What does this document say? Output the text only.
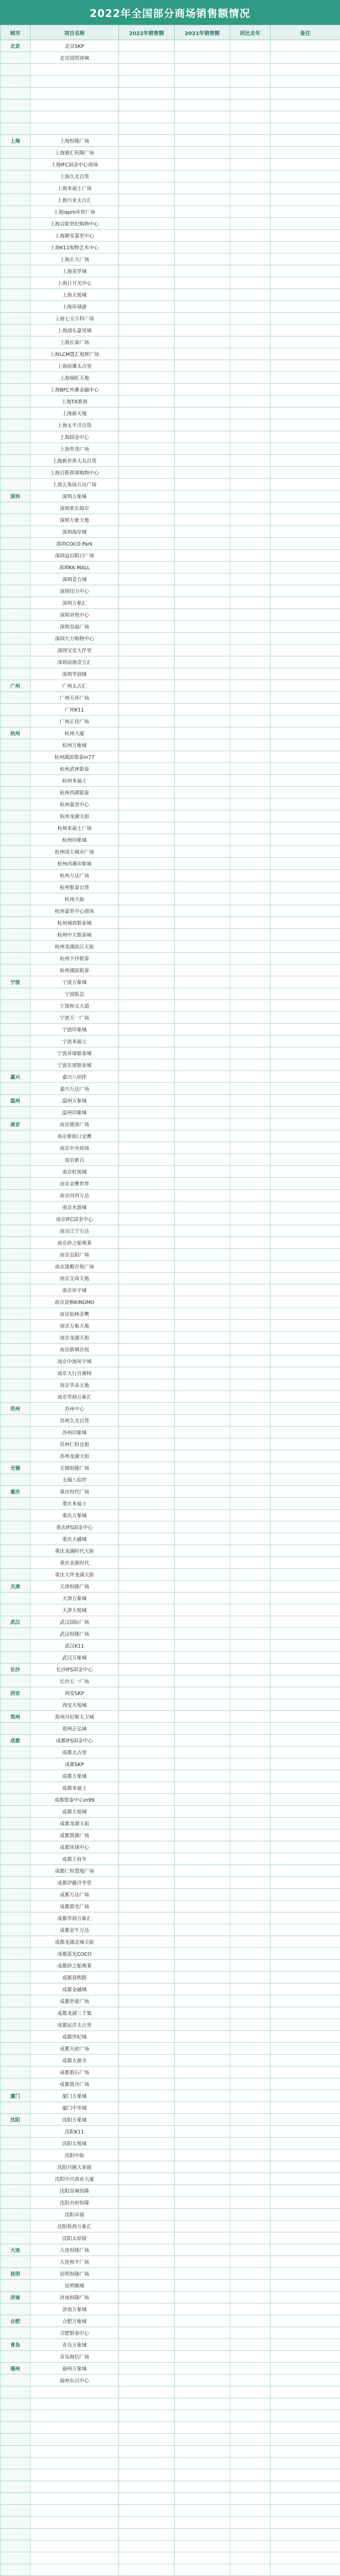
2022年全国部分商场销售额情况
城市	项目名称	2022年销售额	2021年销售额	同比去年	备注
北京	北京SKP				
	北京国贸商城				

上海	上海恒隆广场				
	上海港汇恒隆广场				
	上海IFC国金中心商场				
	上海久光百货				
	上海来福士广场				
	上海兴业太古汇				
	上海iapm环贸广场				
	上海百联世纪购物中心				
	上海静安嘉里中心				
	上海K11购物艺术中心				
	上海正大广场				
	上海美罗城				
	上海日月光中心				
	上海大悦城				
	上海环球港				
	上海七宝万科广场				
	上海浦东嘉里城				
	上海长泰广场				
	上海LCM置汇旭辉广场				
	上海前滩太古里				
	上海瑞虹天地				
	上海BFC外滩金融中心				
	上海TX淮海				
	上海新天地				
	上海太平洋百货				
	上海国金中心				
	上海世茂广场				
	上海新世界大丸百货				
	上海百联西郊购物中心				
	上海五角场万达广场				
深圳	深圳万象城				
	深圳欢乐海岸				
	深圳万象天地				
	深圳海岸城				
	深圳COCO Park				
	深圳益田假日广场				
	深圳KK MALL				
	深圳壹方城				
	深圳印力中心				
	深圳万象汇				
	深圳卓悦中心				
	深圳皇庭广场				
	深圳九方购物中心				
	深圳宝安大仟里				
	深圳前海壹方汇				
	深圳华润城				
广州	广州太古汇				
	广州天环广场				
	广州K11				
	广州正佳广场				
杭州	杭州大厦				
	杭州万象城				
	杭州湖滨银泰in77				
	杭州武林银泰				
	杭州来福士				
	杭州西湖银泰				
	杭州嘉里中心				
	杭州龙湖天街				
	杭州来福士广场				
	杭州印象城				
	杭州国大城市广场				
	杭州西溪印象城				
	杭州万达广场				
	杭州银泰百货				
	杭州天街				
	杭州嘉里中心商场				
	杭州城西银泰城				
	杭州中大银泰城				
	杭州龙湖滨江天街				
	杭州下沙银泰				
	杭州湖滨银泰				
宁波	宁波万象城				
	宁波阪急				
	宁波和义大道				
	宁波天一广场				
	宁波印象城				
	宁波来福士				
	宁波环球银泰城				
	宁波东部银泰城				
嘉兴	嘉兴八佰伴				
	嘉兴万达广场				
温州	温州万象城				
	温州印象城				
南京	南京德基广场				
	南京新街口金鹰				
	南京中央商场				
	南京新百				
	南京虹悦城				
	南京金鹰世界				
	南京河西万达				
	南京水游城				
	南京IFC国金中心				
	南京江宁万达				
	南京砂之船奥莱				
	南京弘阳广场				
	南京建邺吾悦广场				
	南京艾尚天地				
	南京环宇城				
	南京景枫KINGMO				
	南京仙林金鹰				
	南京万象天地				
	南京龙湖天街				
	南京新城吾悦				
	南京中海环宇城				
	南京大行宫赛特				
	南京华采天地				
	南京华润万象汇				
苏州	苏州中心				
	苏州久光百货				
	苏州印象城				
	苏州仁恒仓街				
	苏州龙湖天街				
无锡	无锡恒隆广场				
	无锡八佰伴				
重庆	重庆时代广场				
	重庆来福士				
	重庆万象城				
	重庆IFS国金中心				
	重庆大融城				
	重庆龙湖时代天街				
	重庆金源时代				
	重庆大坪龙湖天街				
天津	天津恒隆广场				
	天津万象城				
	天津大悦城				
武汉	武汉国际广场				
	武汉恒隆广场				
	武汉K11				
	武汉万象城				
长沙	长沙IFS国金中心				
	长沙五一广场				
西安	西安SKP				
	西安大悦城				
郑州	郑州丹尼斯大卫城				
	郑州正弘城				
成都	成都IFS国金中心				
	成都太古里				
	成都SKP				
	成都万象城				
	成都来福士				
	成都银泰中心in99				
	成都大悦城				
	成都龙湖天街				
	成都凯德广场				
	成都环球中心				
	成都王府井				
	成都仁恒置地广场				
	成都伊藤洋华堂				
	成都万达广场				
	成都群光广场				
	成都华润万象汇				
	成都金牛万达				
	成都龙湖北城天街				
	成都蓝光COCO				
	成都砂之船奥莱				
	成都春熙路				
	成都金融城				
	成都世豪广场				
	成都龙湖三千集				
	成都远洋太古里				
	成都世纪城				
	成都天府广场				
	成都大慈寺				
	成都银石广场				
	成都凯丹广场				
厦门	厦门万象城				
	厦门中华城				
沈阳	沈阳万象城				
	沈阳K11				
	沈阳大悦城				
	沈阳中街				
	沈阳兴隆大家庭				
	沈阳中兴商业大厦				
	沈阳皇城恒隆				
	沈阳市府恒隆				
	沈阳卓展				
	沈阳铁西万象汇				
	沈阳太原街				
大连	大连恒隆广场				
	大连和平广场				
昆明	昆明恒隆广场				
	昆明顺城				
济南	济南恒隆广场				
	济南万象城				
合肥	合肥万象城				
	合肥银泰中心				
青岛	青岛万象城				
	青岛海信广场				
福州	福州万象城				
	福州东百中心				
